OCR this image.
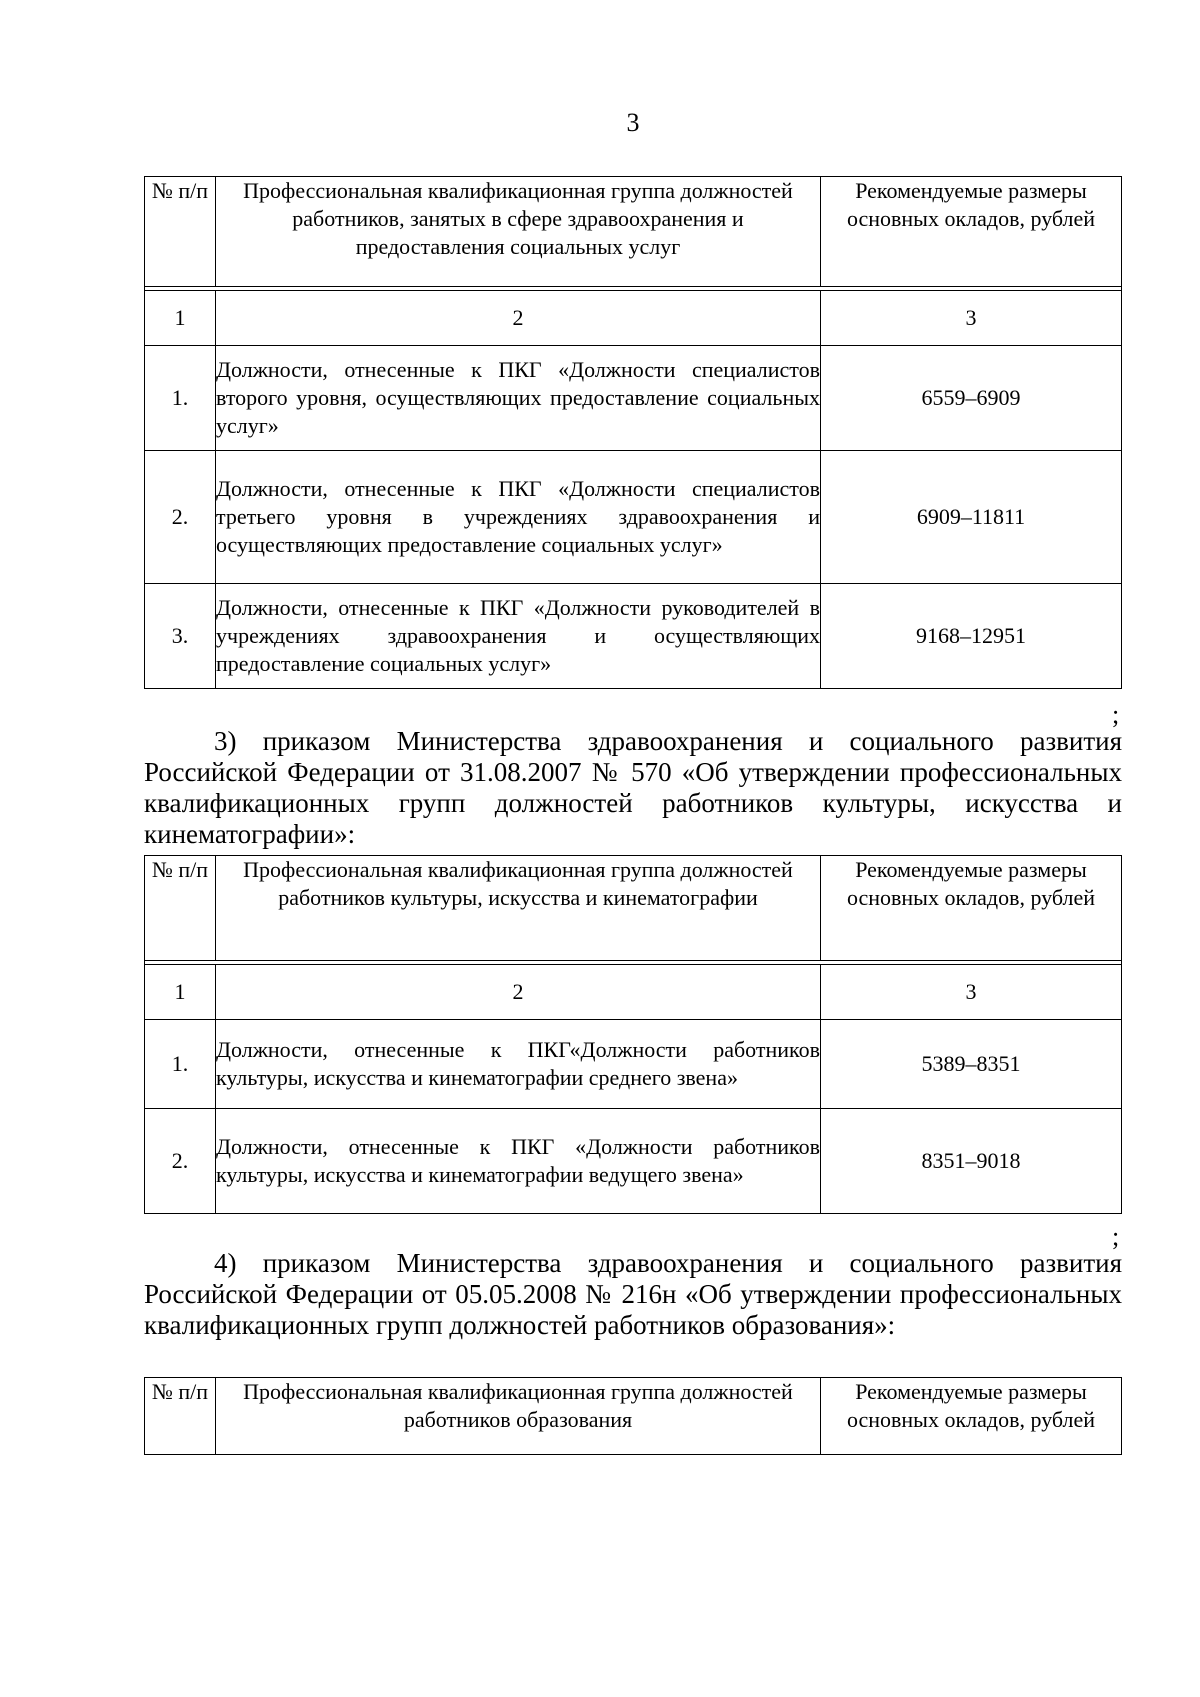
3
№ п/п	Профессиональная квалификационная группа должностей работников, занятых в сфере здравоохранения и предоставления социальных услуг	Рекомендуемые размеры основных окладов, рублей

1	2	3
1.	Должности, отнесенные к ПКГ «Должности специалистов второго уровня, осуществляющих предоставление социальных услуг»	6559–6909
2.	Должности, отнесенные к ПКГ «Должности специалистов третьего уровня в учреждениях здравоохранения и осуществляющих предоставление социальных услуг»	6909–11811
3.	Должности, отнесенные к ПКГ «Должности руководителей в учреждениях здравоохранения и осуществляющих предоставление социальных услуг»	9168–12951
;
3) приказом Министерства здравоохранения и социального развития Российской Федерации от 31.08.2007 № 570 «Об утверждении профессиональных квалификационных групп должностей работников культуры, искусства и кинематографии»:
№ п/п	Профессиональная квалификационная группа должностей работников культуры, искусства и кинематографии	Рекомендуемые размеры основных окладов, рублей

1	2	3
1.	Должности, отнесенные к ПКГ«Должности работников культуры, искусства и кинематографии среднего звена»	5389–8351
2.	Должности, отнесенные к ПКГ «Должности работников культуры, искусства и кинематографии ведущего звена»	8351–9018
;
4) приказом Министерства здравоохранения и социального развития Российской Федерации от 05.05.2008 № 216н «Об утверждении профессиональных квалификационных групп должностей работников образования»:
№ п/п	Профессиональная квалификационная группа должностей работников образования	Рекомендуемые размеры основных окладов, рублей
